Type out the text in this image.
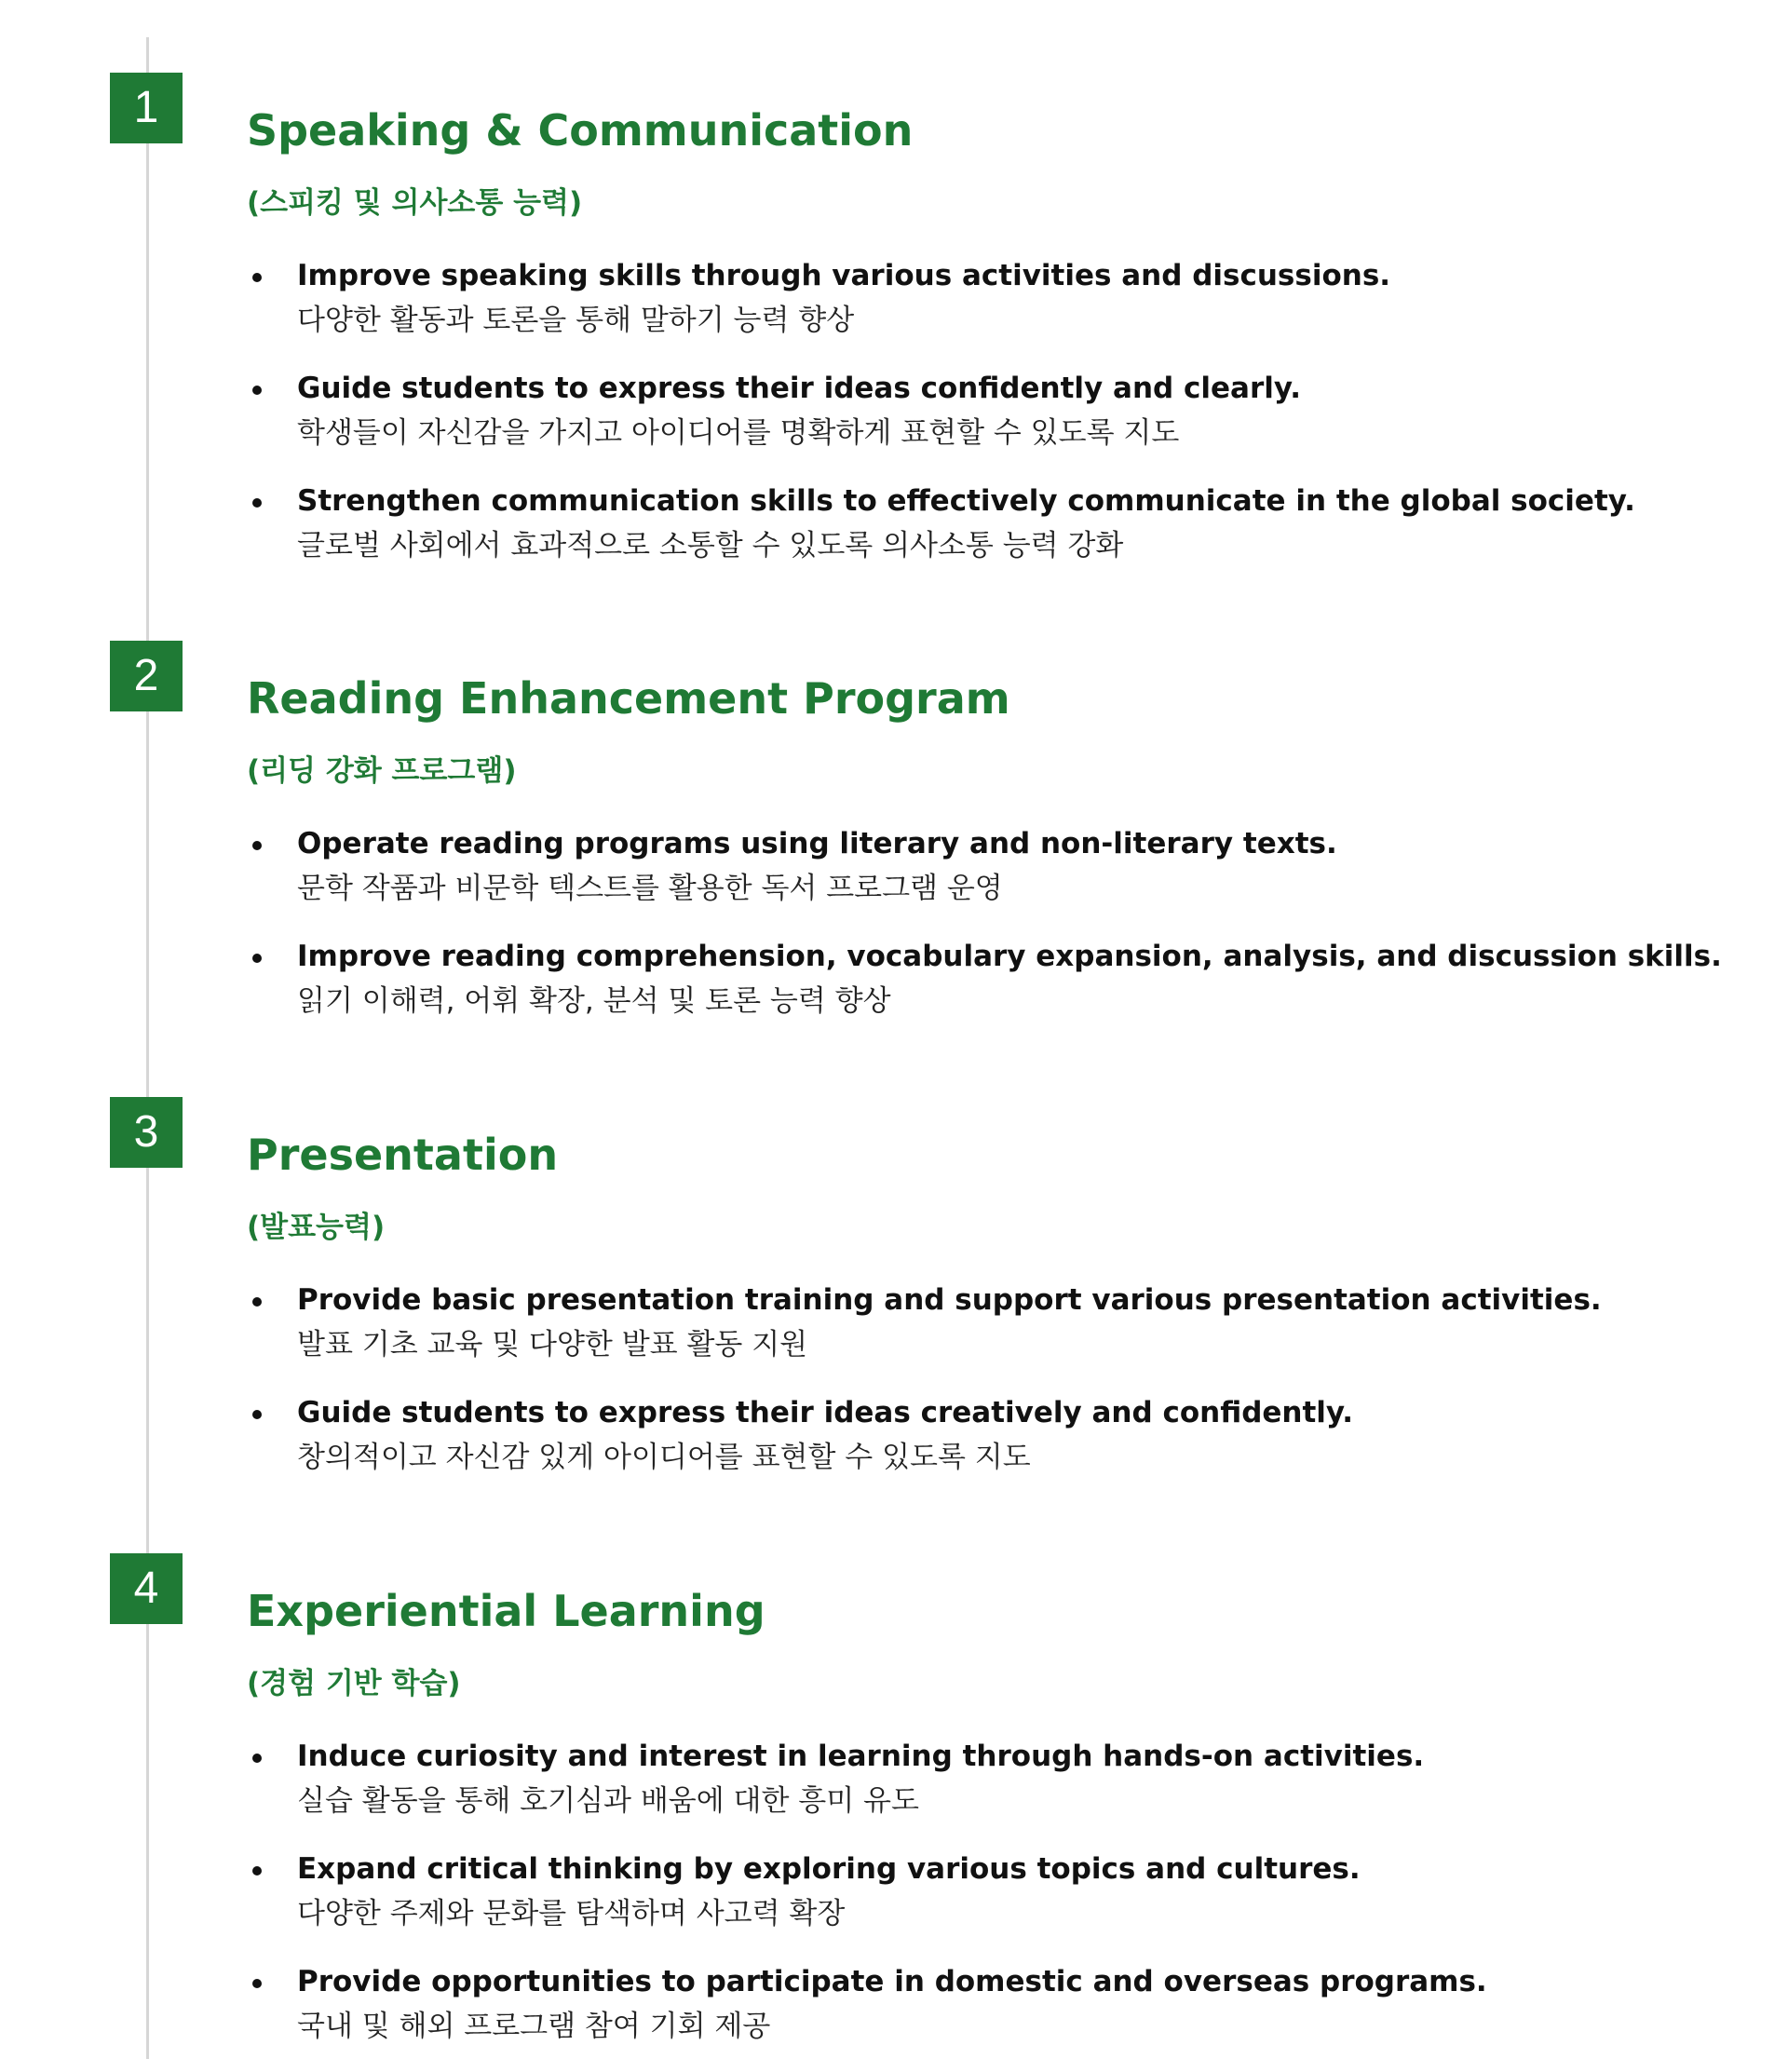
1	Speaking & Communication

(스피킹 및 의사소통 능력)

Improve speaking skills through various activities and discussions.
다양한 활동과 토론을 통해 말하기 능력 향상
Guide students to express their ideas confidently and clearly.
학생들이 자신감을 가지고 아이디어를 명확하게 표현할 수 있도록 지도
Strengthen communication skills to effectively communicate in the global society.
글로벌 사회에서 효과적으로 소통할 수 있도록 의사소통 능력 강화
2	Reading Enhancement Program

(리딩 강화 프로그램)

Operate reading programs using literary and non-literary texts.
문학 작품과 비문학 텍스트를 활용한 독서 프로그램 운영
Improve reading comprehension, vocabulary expansion, analysis, and discussion skills.
읽기 이해력, 어휘 확장, 분석 및 토론 능력 향상
3	Presentation

(발표능력)

Provide basic presentation training and support various presentation activities.
발표 기초 교육 및 다양한 발표 활동 지원
Guide students to express their ideas creatively and confidently.
창의적이고 자신감 있게 아이디어를 표현할 수 있도록 지도
4	Experiential Learning

(경험 기반 학습)

Induce curiosity and interest in learning through hands-on activities.
실습 활동을 통해 호기심과 배움에 대한 흥미 유도
Expand critical thinking by exploring various topics and cultures.
다양한 주제와 문화를 탐색하며 사고력 확장
Provide opportunities to participate in domestic and overseas programs.
국내 및 해외 프로그램 참여 기회 제공
